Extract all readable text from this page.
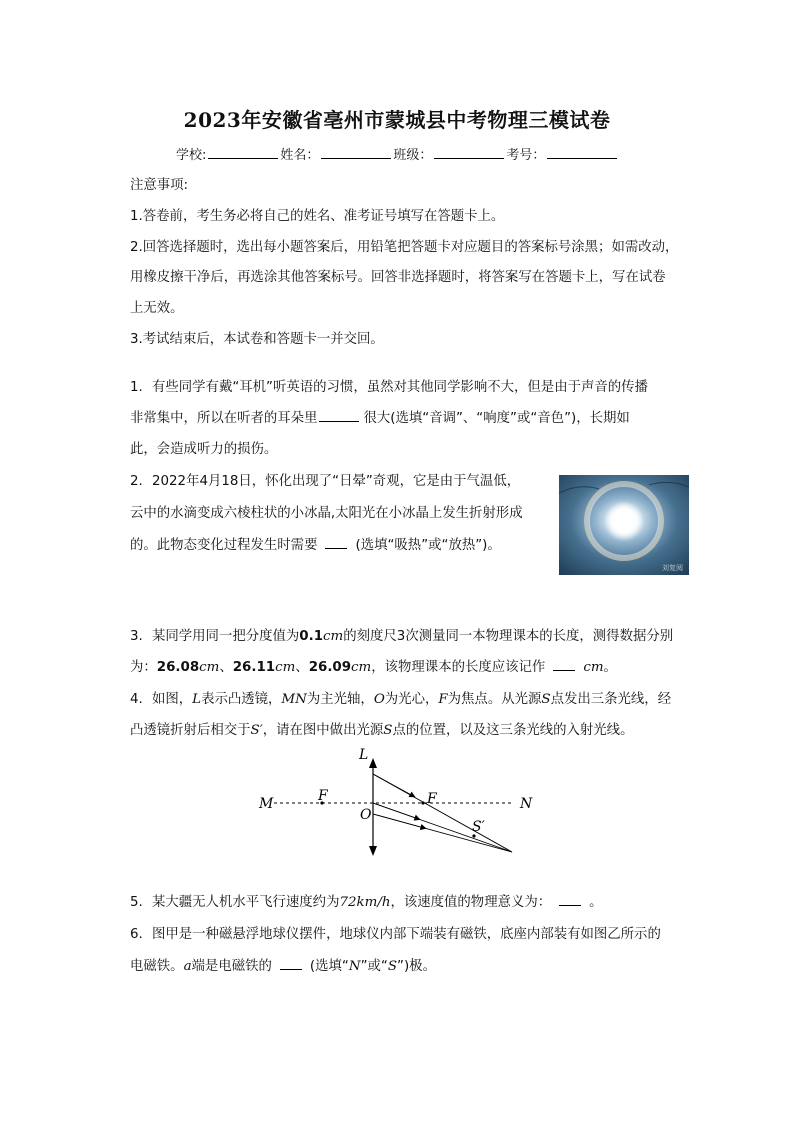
2023年安徽省亳州市蒙城县中考物理三模试卷
学校:	姓名：	班级：	考号：
注意事项:
1.答卷前，考生务必将自己的姓名、准考证号填写在答题卡上。
2.回答选择题时，选出每小题答案后，用铅笔把答题卡对应题目的答案标号涂黑；如需改动，
用橡皮擦干净后，再选涂其他答案标号。回答非选择题时，将答案写在答题卡上，写在试卷
上无效。
3.考试结束后，本试卷和答题卡一并交回。
1. 有些同学有戴“耳机”听英语的习惯，虽然对其他同学影响不大，但是由于声音的传播
非常集中，所以在听者的耳朵里	很大(选填“音调”、“响度”或“音色”)，长期如
此，会造成听力的损伤。
2. 2022年4月18日，怀化出现了“日晕”奇观，它是由于气温低，
云中的水滴变成六棱柱状的小冰晶,太阳光在小冰晶上发生折射形成
的。此物态变化过程发生时需要	(选填“吸热”或“放热”)。
刘复阅
3. 某同学用同一把分度值为0.1cm的刻度尺3次测量同一本物理课本的长度，测得数据分别
为：26.08cm、26.11cm、26.09cm，该物理课本的长度应该记作	cm。
4. 如图，L表示凸透镜，MN为主光轴，O为光心，F为焦点。从光源S点发出三条光线，经
凸透镜折射后相交于S′，请在图中做出光源S点的位置，以及这三条光线的入射光线。
L
M	N
F	F
O
S′
5. 某大疆无人机水平飞行速度约为72km/h，该速度值的物理意义为：	。
6. 图甲是一种磁悬浮地球仪摆件，地球仪内部下端装有磁铁，底座内部装有如图乙所示的
电磁铁。a端是电磁铁的	(选填“N”或“S”)极。
